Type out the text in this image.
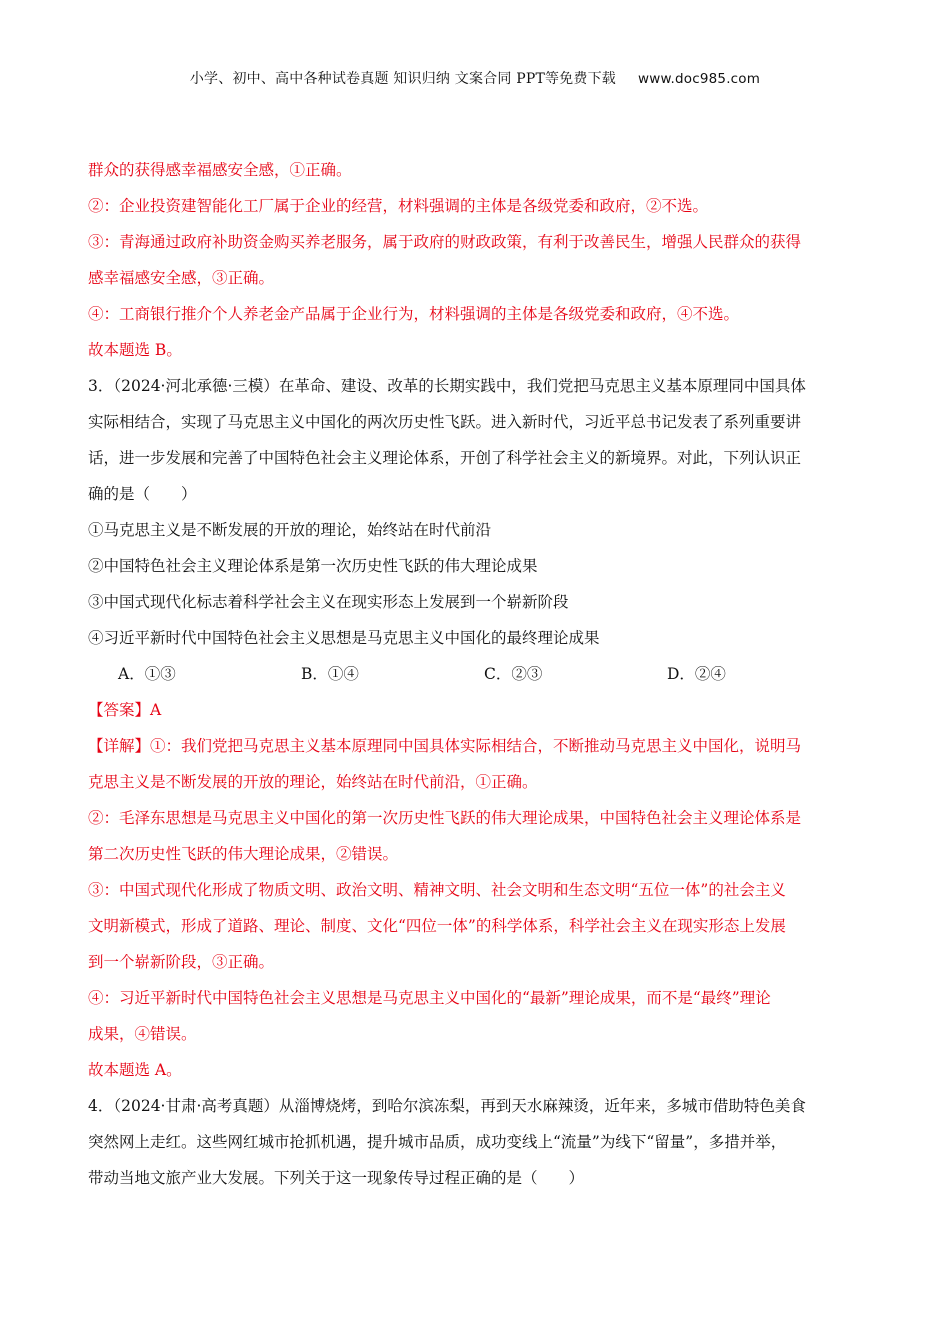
小学、初中、高中各种试卷真题 知识归纳 文案合同 PPT等免费下载 www.doc985.com
群众的获得感幸福感安全感，①正确。
②：企业投资建智能化工厂属于企业的经营，材料强调的主体是各级党委和政府，②不选。
③：青海通过政府补助资金购买养老服务，属于政府的财政政策，有利于改善民生，增强人民群众的获得
感幸福感安全感，③正确。
④：工商银行推介个人养老金产品属于企业行为，材料强调的主体是各级党委和政府，④不选。
故本题选 B。
3．（2024·河北承德·三模）在革命、建设、改革的长期实践中，我们党把马克思主义基本原理同中国具体
实际相结合，实现了马克思主义中国化的两次历史性飞跃。进入新时代，习近平总书记发表了系列重要讲
话，进一步发展和完善了中国特色社会主义理论体系，开创了科学社会主义的新境界。对此，下列认识正
确的是（　　）
①马克思主义是不断发展的开放的理论，始终站在时代前沿
②中国特色社会主义理论体系是第一次历史性飞跃的伟大理论成果
③中国式现代化标志着科学社会主义在现实形态上发展到一个崭新阶段
④习近平新时代中国特色社会主义思想是马克思主义中国化的最终理论成果
A．①③	B．①④	C．②③	D．②④
【答案】A
【详解】①：我们党把马克思主义基本原理同中国具体实际相结合，不断推动马克思主义中国化，说明马
克思主义是不断发展的开放的理论，始终站在时代前沿，①正确。
②：毛泽东思想是马克思主义中国化的第一次历史性飞跃的伟大理论成果，中国特色社会主义理论体系是
第二次历史性飞跃的伟大理论成果，②错误。
③：中国式现代化形成了物质文明、政治文明、精神文明、社会文明和生态文明“五位一体”的社会主义
文明新模式，形成了道路、理论、制度、文化“四位一体”的科学体系，科学社会主义在现实形态上发展
到一个崭新阶段，③正确。
④：习近平新时代中国特色社会主义思想是马克思主义中国化的“最新”理论成果，而不是“最终”理论
成果，④错误。
故本题选 A。
4．（2024·甘肃·高考真题）从淄博烧烤，到哈尔滨冻梨，再到天水麻辣烫，近年来，多城市借助特色美食
突然网上走红。这些网红城市抢抓机遇，提升城市品质，成功变线上“流量”为线下“留量”，多措并举，
带动当地文旅产业大发展。下列关于这一现象传导过程正确的是（　　）
